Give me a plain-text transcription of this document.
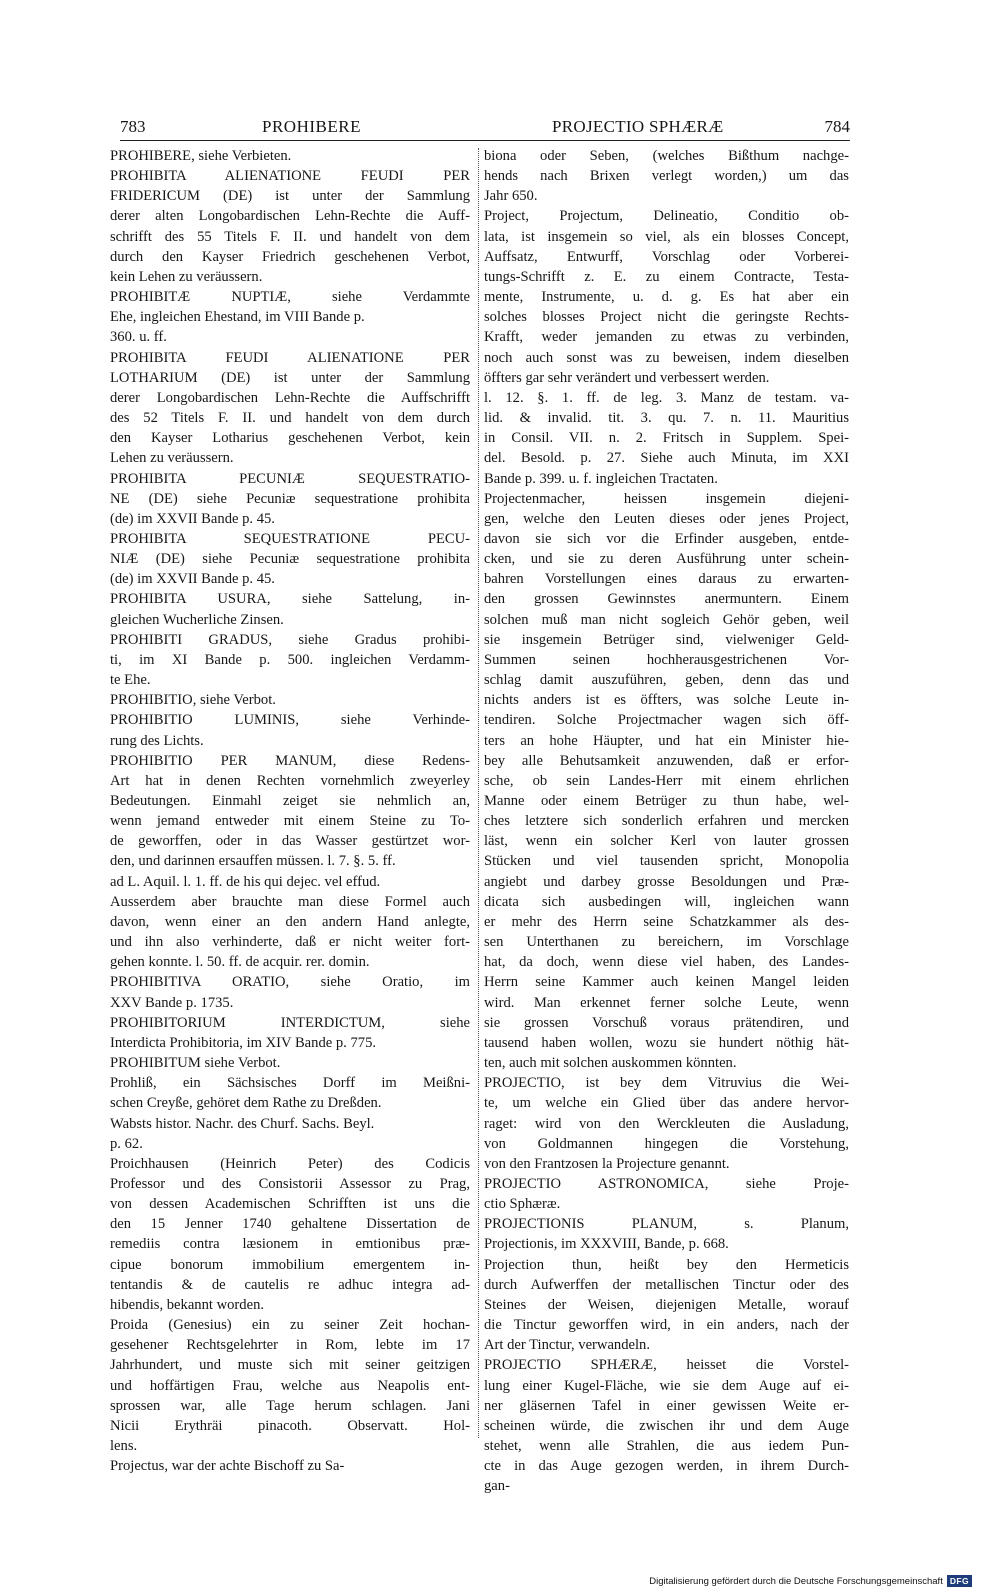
783	PROHIBERE	PROJECTIO SPHÆRÆ	784

PROHIBERE, siehe Verbieten.

PROHIBITA ALIENATIONE FEUDI PER

FRIDERICUM (DE) ist unter der Sammlung

derer alten Longobardischen Lehn-Rechte die Auff-

schrifft des 55 Titels F. II. und handelt von dem

durch den Kayser Friedrich geschehenen Verbot,

kein Lehen zu veräussern.

PROHIBITÆ NUPTIÆ, siehe Verdammte

Ehe, ingleichen Ehestand, im VIII Bande p.

360. u. ff.

PROHIBITA FEUDI ALIENATIONE PER

LOTHARIUM (DE) ist unter der Sammlung

derer Longobardischen Lehn-Rechte die Auffschrifft

des 52 Titels F. II. und handelt von dem durch

den Kayser Lotharius geschehenen Verbot, kein

Lehen zu veräussern.

PROHIBITA PECUNIÆ SEQUESTRATIO-

NE (DE) siehe Pecuniæ sequestratione prohibita

(de) im XXVII Bande p. 45.

PROHIBITA SEQUESTRATIONE PECU-

NIÆ (DE) siehe Pecuniæ sequestratione prohibita

(de) im XXVII Bande p. 45.

PROHIBITA USURA, siehe Sattelung, in-

gleichen Wucherliche Zinsen.

PROHIBITI GRADUS, siehe Gradus prohibi-

ti, im XI Bande p. 500. ingleichen Verdamm-

te Ehe.

PROHIBITIO, siehe Verbot.

PROHIBITIO LUMINIS, siehe Verhinde-

rung des Lichts.

PROHIBITIO PER MANUM, diese Redens-

Art hat in denen Rechten vornehmlich zweyerley

Bedeutungen. Einmahl zeiget sie nehmlich an,

wenn jemand entweder mit einem Steine zu To-

de geworffen, oder in das Wasser gestürtzet wor-

den, und darinnen ersauffen müssen. l. 7. §. 5. ff.

ad L. Aquil. l. 1. ff. de his qui dejec. vel effud.

Ausserdem aber brauchte man diese Formel auch

davon, wenn einer an den andern Hand anlegte,

und ihn also verhinderte, daß er nicht weiter fort-

gehen konnte. l. 50. ff. de acquir. rer. domin.

PROHIBITIVA ORATIO, siehe Oratio, im

XXV Bande p. 1735.

PROHIBITORIUM INTERDICTUM, siehe

Interdicta Prohibitoria, im XIV Bande p. 775.

PROHIBITUM siehe Verbot.

Prohliß, ein Sächsisches Dorff im Meißni-

schen Creyße, gehöret dem Rathe zu Dreßden.

Wabsts histor. Nachr. des Churf. Sachs. Beyl.

p. 62.

Proichhausen (Heinrich Peter) des Codicis

Professor und des Consistorii Assessor zu Prag,

von dessen Academischen Schrifften ist uns die

den 15 Jenner 1740 gehaltene Dissertation de

remediis contra læsionem in emtionibus præ-

cipue bonorum immobilium emergentem in-

tentandis & de cautelis re adhuc integra ad-

hibendis, bekannt worden.

Proida (Genesius) ein zu seiner Zeit hochan-

gesehener Rechtsgelehrter in Rom, lebte im 17

Jahrhundert, und muste sich mit seiner geitzigen

und hoffärtigen Frau, welche aus Neapolis ent-

sprossen war, alle Tage herum schlagen. Jani

Nicii Erythräi pinacoth. Observatt. Hol-

lens.

Projectus, war der achte Bischoff zu Sa-

biona oder Seben, (welches Bißthum nachge-

hends nach Brixen verlegt worden,) um das

Jahr 650.

Project, Projectum, Delineatio, Conditio ob-

lata, ist insgemein so viel, als ein blosses Concept,

Auffsatz, Entwurff, Vorschlag oder Vorberei-

tungs-Schrifft z. E. zu einem Contracte, Testa-

mente, Instrumente, u. d. g. Es hat aber ein

solches blosses Project nicht die geringste Rechts-

Krafft, weder jemanden zu etwas zu verbinden,

noch auch sonst was zu beweisen, indem dieselben

öffters gar sehr verändert und verbessert werden.

l. 12. §. 1. ff. de leg. 3. Manz de testam. va-

lid. & invalid. tit. 3. qu. 7. n. 11. Mauritius

in Consil. VII. n. 2. Fritsch in Supplem. Spei-

del. Besold. p. 27. Siehe auch Minuta, im XXI

Bande p. 399. u. f. ingleichen Tractaten.

Projectenmacher, heissen insgemein diejeni-

gen, welche den Leuten dieses oder jenes Project,

davon sie sich vor die Erfinder ausgeben, entde-

cken, und sie zu deren Ausführung unter schein-

bahren Vorstellungen eines daraus zu erwarten-

den grossen Gewinnstes anermuntern. Einem

solchen muß man nicht sogleich Gehör geben, weil

sie insgemein Betrüger sind, vielweniger Geld-

Summen seinen hochherausgestrichenen Vor-

schlag damit auszuführen, geben, denn das und

nichts anders ist es öffters, was solche Leute in-

tendiren. Solche Projectmacher wagen sich öff-

ters an hohe Häupter, und hat ein Minister hie-

bey alle Behutsamkeit anzuwenden, daß er erfor-

sche, ob sein Landes-Herr mit einem ehrlichen

Manne oder einem Betrüger zu thun habe, wel-

ches letztere sich sonderlich erfahren und mercken

läst, wenn ein solcher Kerl von lauter grossen

Stücken und viel tausenden spricht, Monopolia

angiebt und darbey grosse Besoldungen und Præ-

dicata sich ausbedingen will, ingleichen wann

er mehr des Herrn seine Schatzkammer als des-

sen Unterthanen zu bereichern, im Vorschlage

hat, da doch, wenn diese viel haben, des Landes-

Herrn seine Kammer auch keinen Mangel leiden

wird. Man erkennet ferner solche Leute, wenn

sie grossen Vorschuß voraus prätendiren, und

tausend haben wollen, wozu sie hundert nöthig hät-

ten, auch mit solchen auskommen könnten.

PROJECTIO, ist bey dem Vitruvius die Wei-

te, um welche ein Glied über das andere hervor-

raget: wird von den Werckleuten die Ausladung,

von Goldmannen hingegen die Vorstehung,

von den Frantzosen la Projecture genannt.

PROJECTIO ASTRONOMICA, siehe Proje-

ctio Sphæræ.

PROJECTIONIS PLANUM, s. Planum,

Projectionis, im XXXVIII, Bande, p. 668.

Projection thun, heißt bey den Hermeticis

durch Aufwerffen der metallischen Tinctur oder des

Steines der Weisen, diejenigen Metalle, worauf

die Tinctur geworffen wird, in ein anders, nach der

Art der Tinctur, verwandeln.

PROJECTIO SPHÆRÆ, heisset die Vorstel-

lung einer Kugel-Fläche, wie sie dem Auge auf ei-

ner gläsernen Tafel in einer gewissen Weite er-

scheinen würde, die zwischen ihr und dem Auge

stehet, wenn alle Strahlen, die aus iedem Pun-

cte in das Auge gezogen werden, in ihrem Durch-

gan-

Digitalisierung gefördert durch die Deutsche Forschungsgemeinschaft DFG
